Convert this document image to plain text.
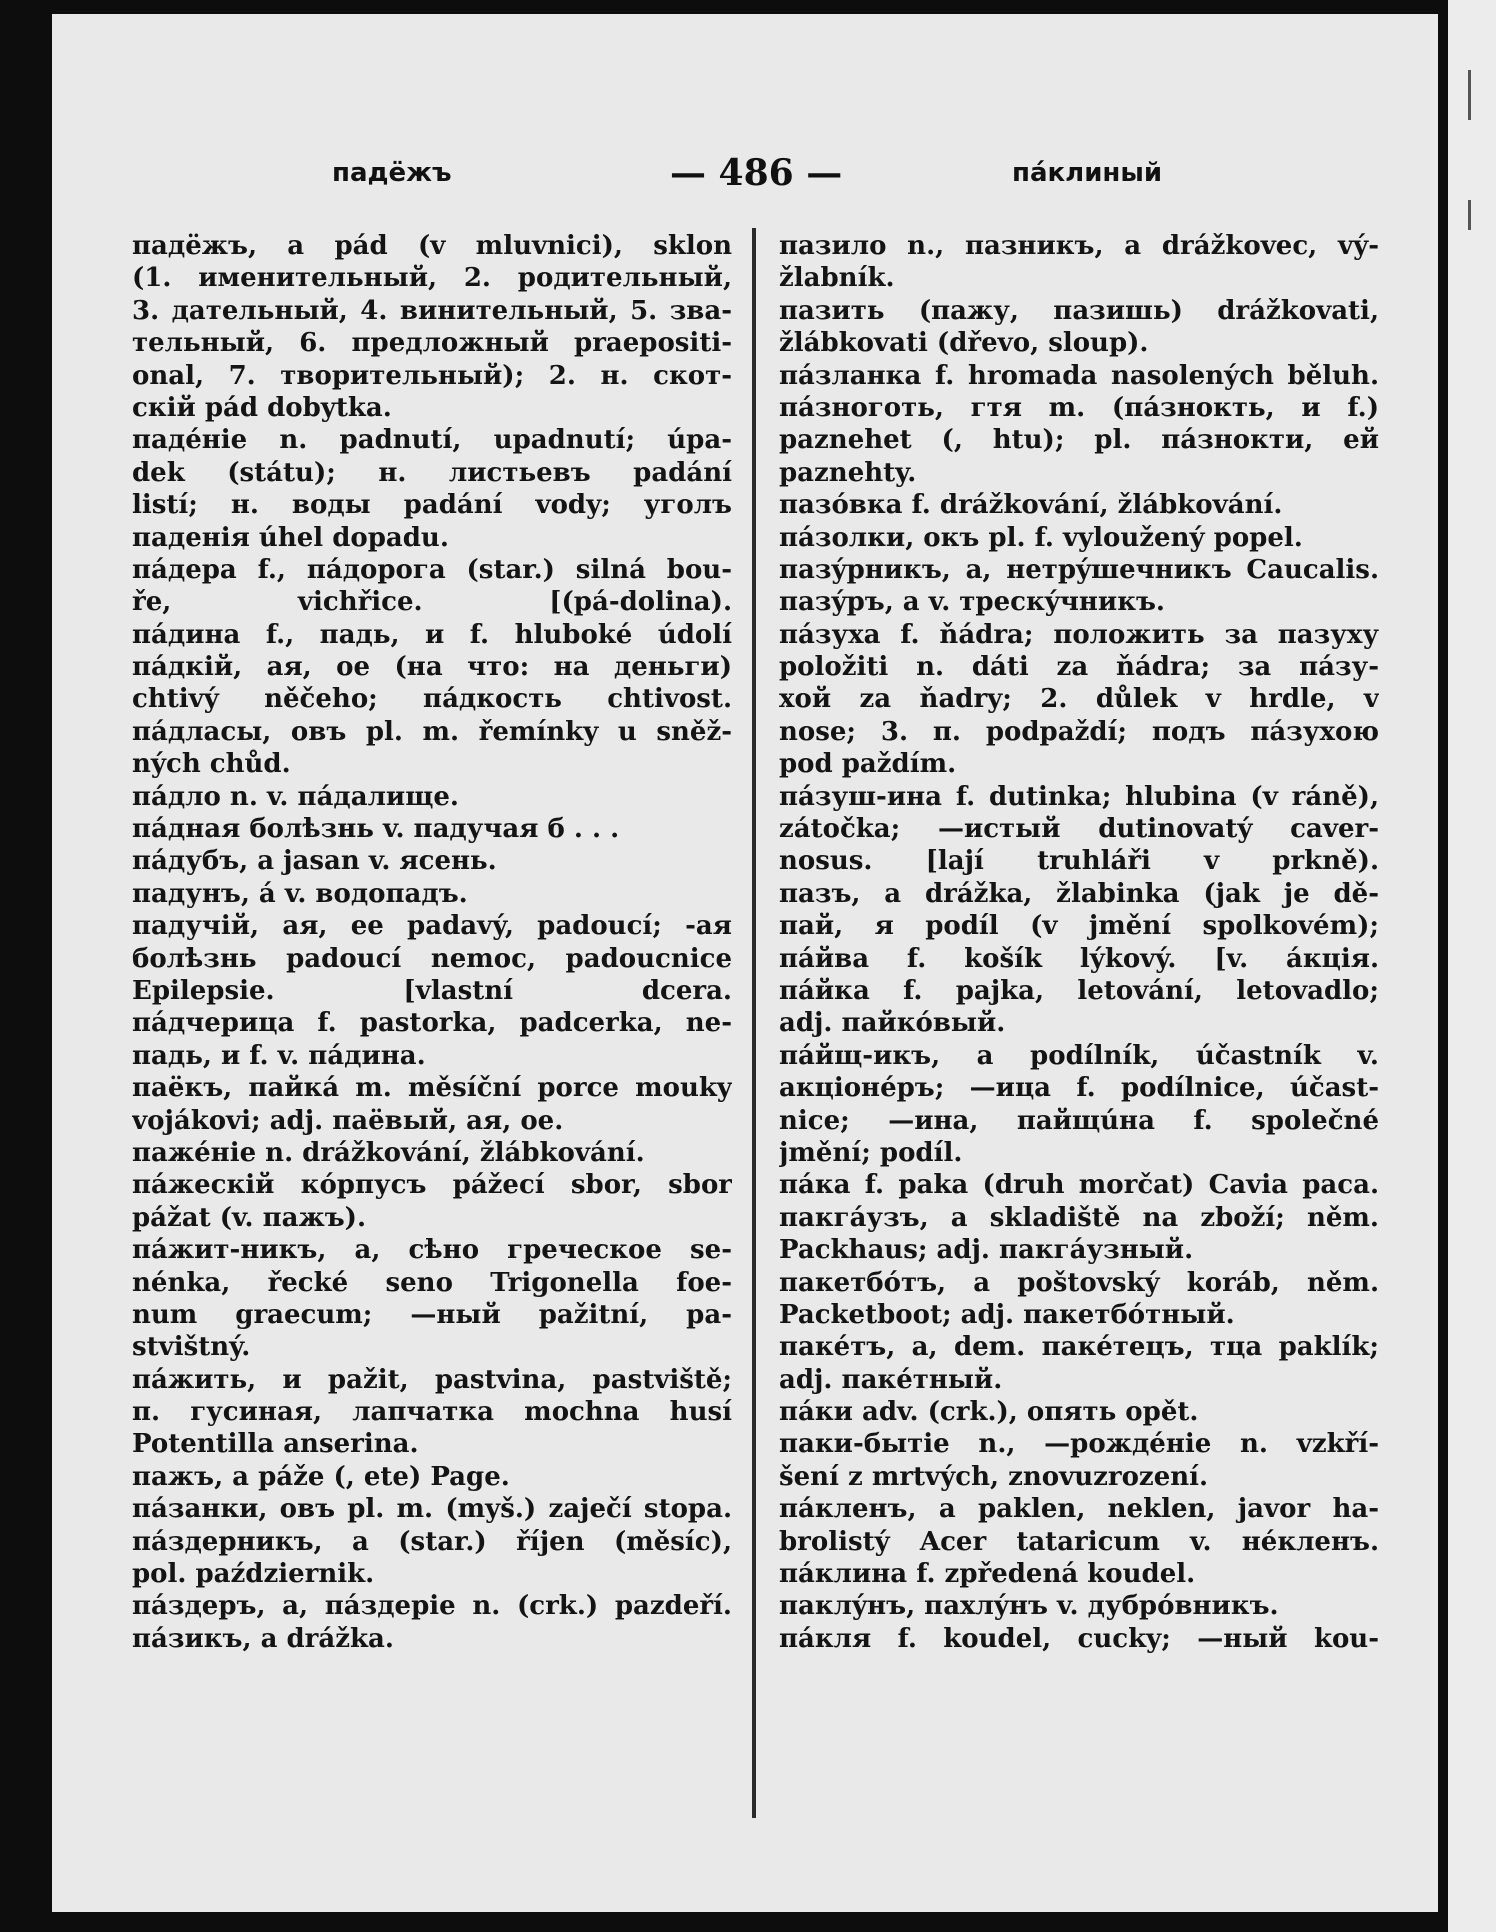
падёжъ	— 486 —	пáклиный
падёжъ, а pád (v mluvnici), sklon
(1. именительный, 2. родительный,
3. дательный, 4. винительный, 5. зва-
тельный, 6. предложный praepositi-
onal, 7. творительный); 2. н. скот-
скій pád dobytka.
падéніе n. padnutí, upadnutí; úpa-
dek (státu); н. листьевъ padání
listí; н. воды padání vody; уголъ
паденія úhel dopadu.
пáдера f., пáдорога (star.) silná bou-
ře, vichřice. [(pá-dolina).
пáдина f., падь, и f. hluboké údolí
пáдкій, ая, ое (на что: на деньги)
chtivý něčeho; пáдкость chtivost.
пáдласы, овъ pl. m. řemínky u sněž-
ných chůd.
пáдло n. v. пáдалище.
пáдная болѣзнь v. падучая б . . .
пáдубъ, а jasan v. ясень.
падунъ, á v. водопадъ.
падучій, ая, ее padavý, padoucí; -ая
болѣзнь padoucí nemoc, padoucnice
Epilepsie. [vlastní dcera.
пáдчерица f. pastorka, padcerka, ne-
падь, и f. v. пáдина.
паёкъ, пайкá m. měsíční porce mouky
vojákovi; adj. паёвый, ая, ое.
пажéніе n. drážkování, žlábkování.
пáжескій кóрпусъ pážecí sbor, sbor
pážat (v. пажъ).
пáжит-никъ, а, сѣно греческое se-
nénka, řecké seno Trigonella foe-
num graecum; —ный pažitní, pa-
stvištný.
пáжить, и pažit, pastvina, pastviště;
п. гусиная, лапчатка mochna husí
Potentilla anserina.
пажъ, а páže (, ete) Page.
пáзанки, овъ pl. m. (myš.) zaječí stopa.
пáздерникъ, а (star.) říjen (měsíc),
pol. październik.
пáздеръ, а, пáздеріе n. (crk.) pazdeří.
пáзикъ, а drážka.
пазило n., пазникъ, а drážkovec, vý-
žlabník.
пазить (пажу, пазишь) drážkovati,
žlábkovati (dřevo, sloup).
пáзланка f. hromada nasolených běluh.
пáзноготь, гтя m. (пáзнокть, и f.)
paznehet (, htu); pl. пáзнокти, ей
paznehty.
пазóвка f. drážkování, žlábkování.
пáзолки, окъ pl. f. vyloužený popel.
пазýрникъ, а, нетрýшечникъ Caucalis.
пазýръ, а v. трескýчникъ.
пáзуха f. ňádra; положить за пазуху
položiti n. dáti za ňádra; за пáзу-
хой za ňadry; 2. důlek v hrdle, v
nose; 3. п. podpaždí; подъ пáзухою
pod paždím.
пáзуш-ина f. dutinka; hlubina (v ráně),
zátočka; —истый dutinovatý caver-
nosus. [lají truhláři v prkně).
пазъ, а drážka, žlabinka (jak je dě-
пай, я podíl (v jmění spolkovém);
пáйва f. košík lýkový. [v. áкція.
пáйка f. pajka, letování, letovadlo;
adj. пайкóвый.
пáйщ-икъ, а podílník, účastník v.
акціонéръ; —ица f. podílnice, účast-
nice; —ина, пайщúна f. společné
jmění; podíl.
пáка f. paka (druh morčat) Cavia paca.
пакгáузъ, а skladiště na zboží; něm.
Packhaus; adj. пакгáузный.
пакетбóтъ, а poštovský koráb, něm.
Packetboot; adj. пакетбóтный.
пакéтъ, а, dem. пакéтецъ, тца paklík;
adj. пакéтный.
пáки adv. (crk.), опять opět.
паки-бытіе n., —рождéніе n. vzkří-
šení z mrtvých, znovuzrození.
пáкленъ, а paklen, neklen, javor ha-
brolistý Acer tataricum v. нéкленъ.
пáклина f. zpředená koudel.
паклýнъ, пахлýнъ v. дубрóвникъ.
пáкля f. koudel, cucky; —ный kou-
